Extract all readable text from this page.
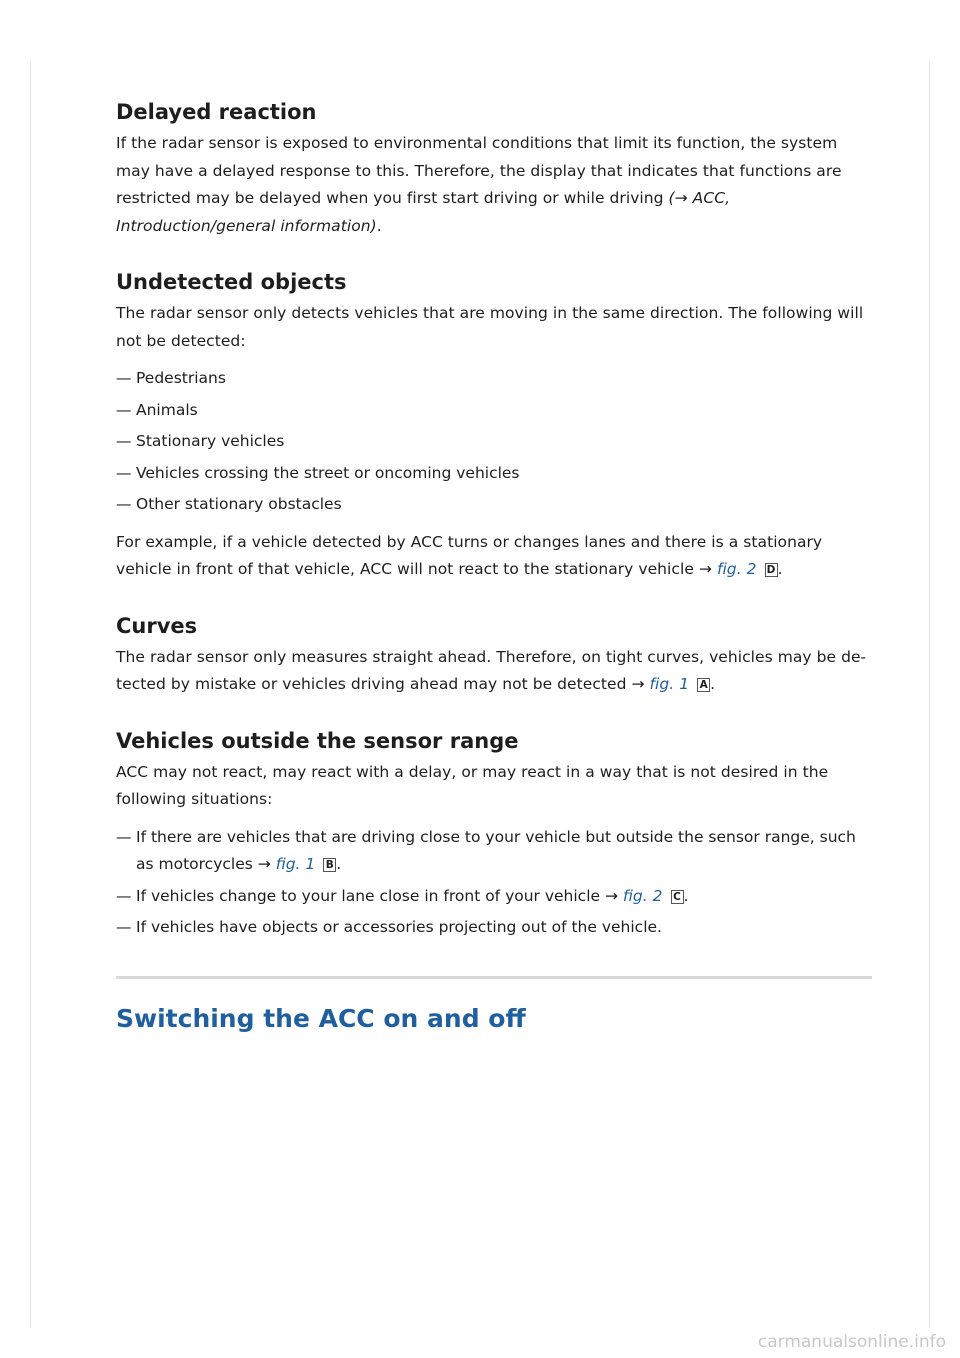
Delayed reaction

If the radar sensor is exposed to environmental conditions that limit its function, the system may have a delayed response to this. Therefore, the display that indicates that functions are restricted may be delayed when you first start driving or while driving (→ ACC, Introduction/general information).

Undetected objects

The radar sensor only detects vehicles that are moving in the same direction. The following will not be detected:

— Pedestrians
— Animals
— Stationary vehicles
— Vehicles crossing the street or oncoming vehicles
— Other stationary obstacles

For example, if a vehicle detected by ACC turns or changes lanes and there is a stationary vehicle in front of that vehicle, ACC will not react to the stationary vehicle → fig. 2 D .

Curves

The radar sensor only measures straight ahead. Therefore, on tight curves, vehicles may be detected by mistake or vehicles driving ahead may not be detected → fig. 1 A .

Vehicles outside the sensor range

ACC may not react, may react with a delay, or may react in a way that is not desired in the following situations:

— If there are vehicles that are driving close to your vehicle but outside the sensor range, such as motorcycles → fig. 1 B .
— If vehicles change to your lane close in front of your vehicle → fig. 2 C .
— If vehicles have objects or accessories projecting out of the vehicle.
Switching the ACC on and off
carmanualsonline.info
